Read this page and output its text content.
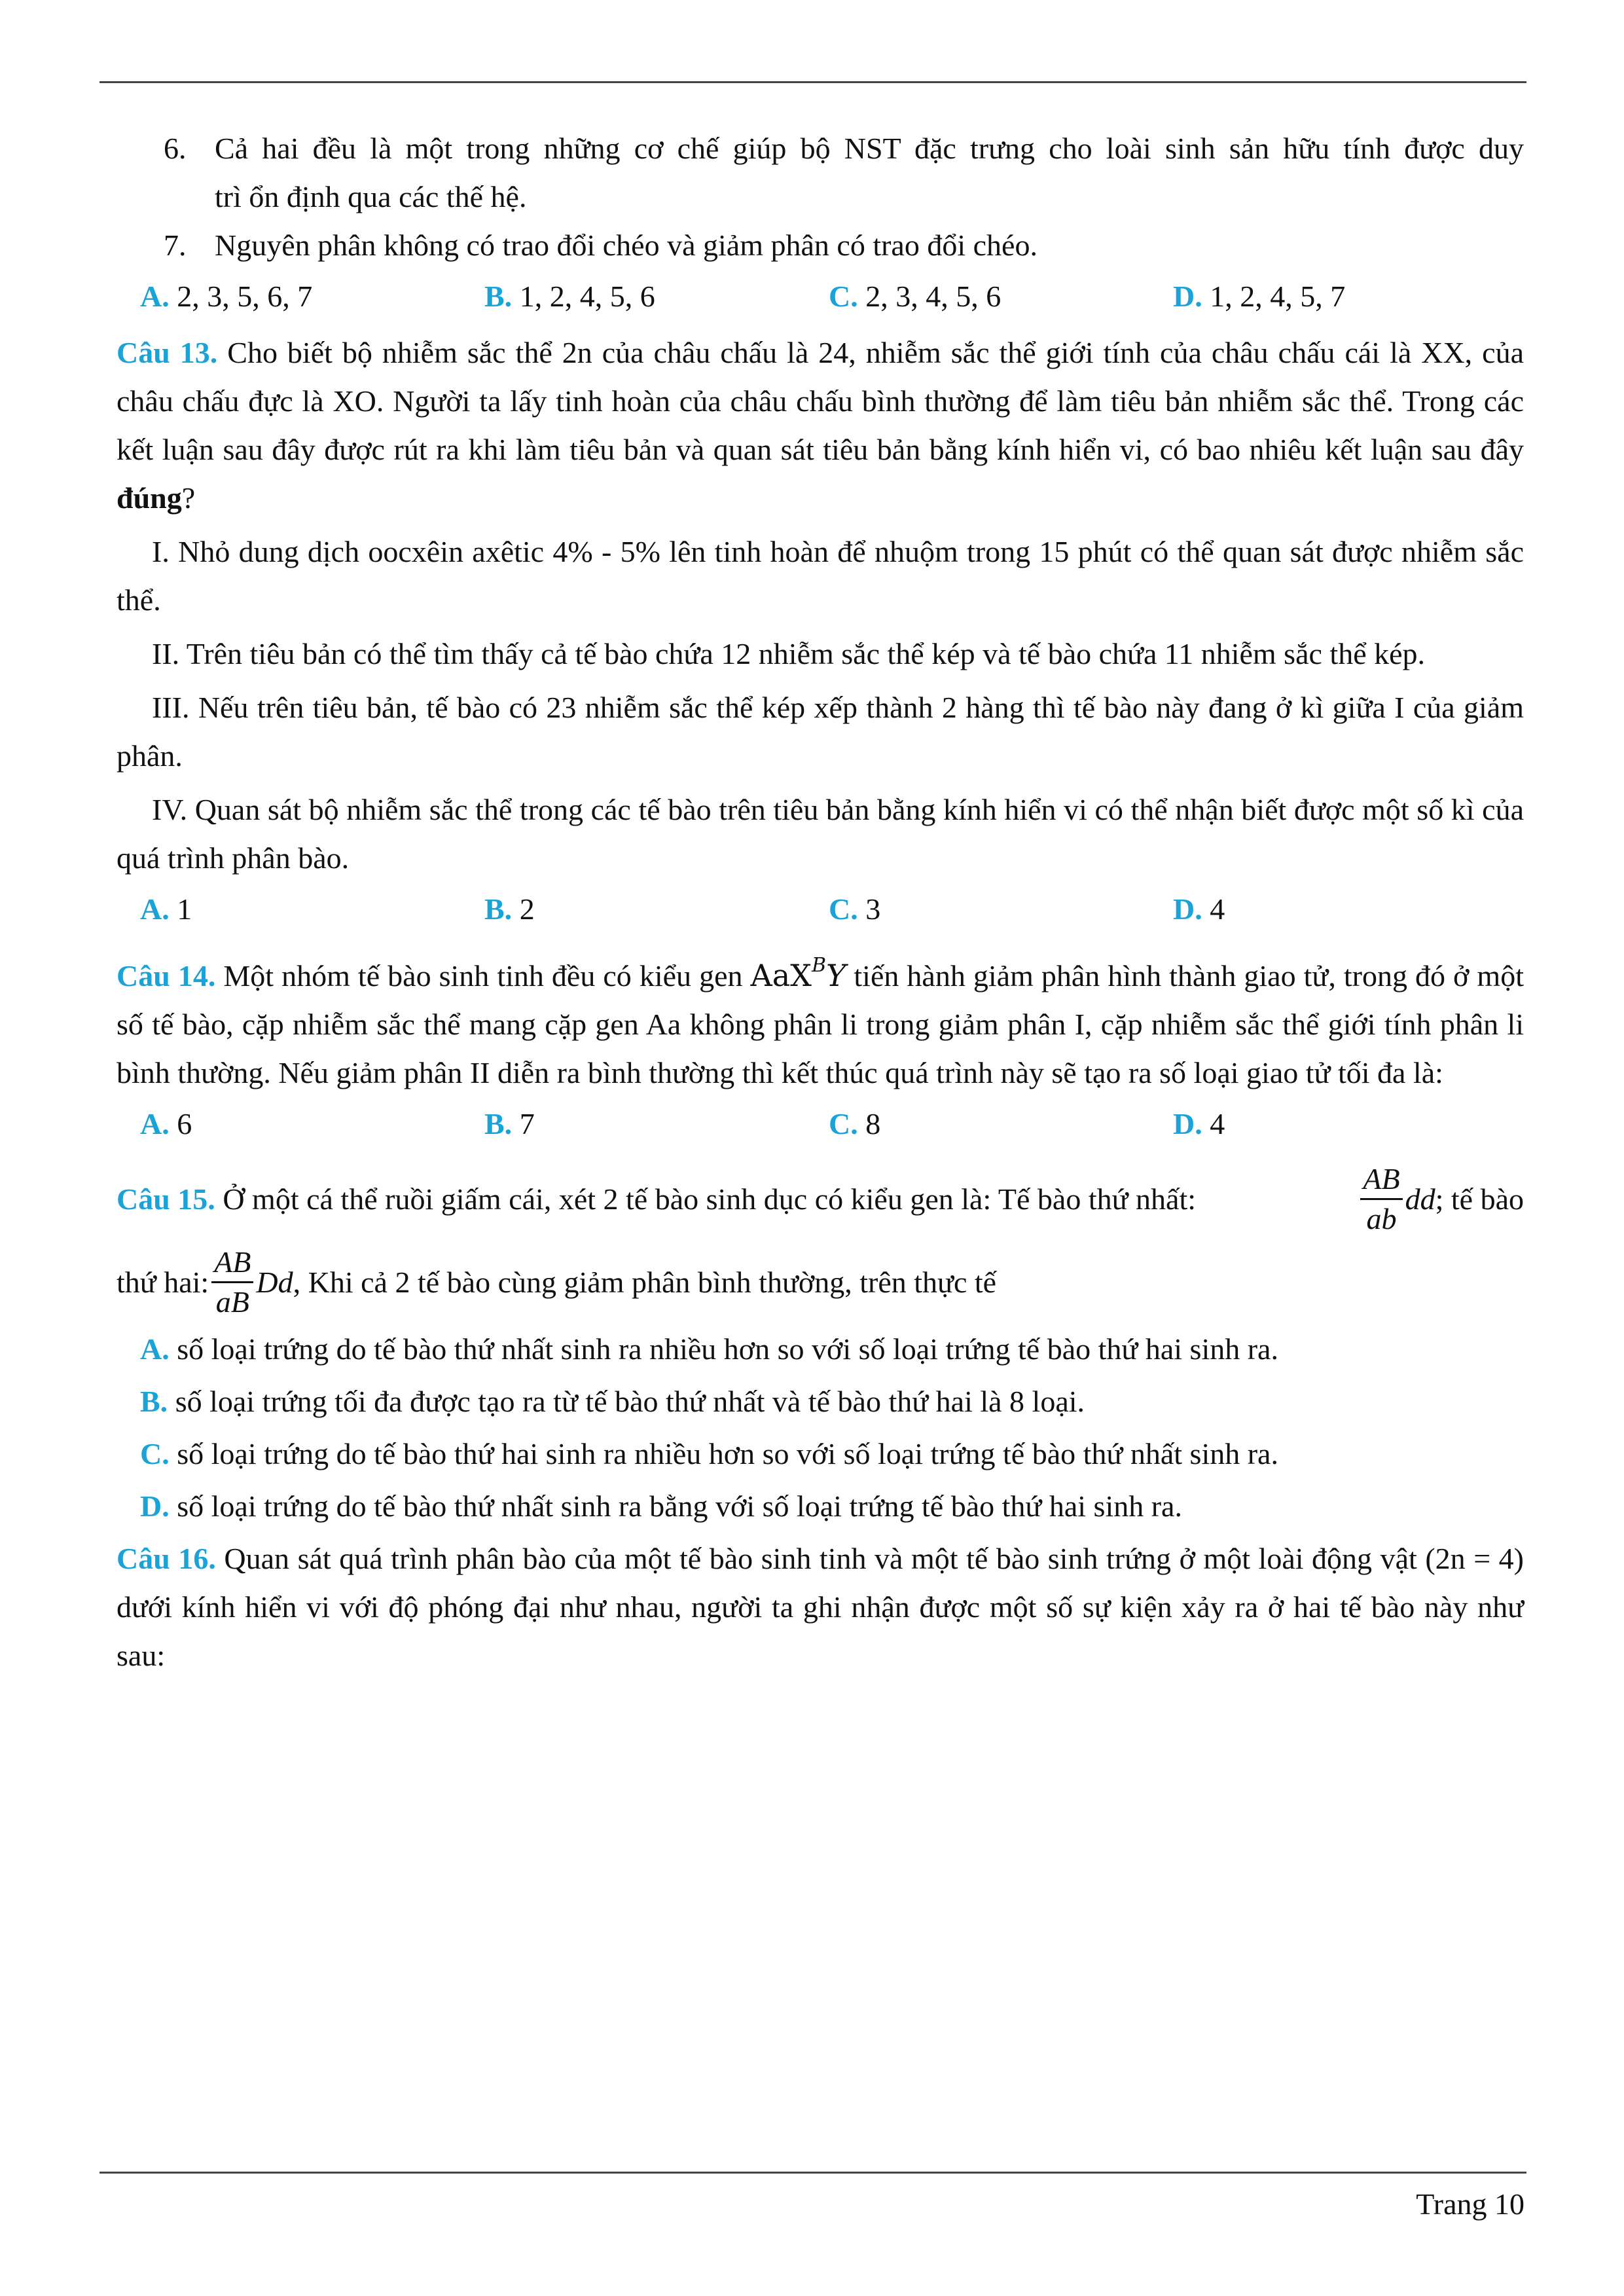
6. Cả hai đều là một trong những cơ chế giúp bộ NST đặc trưng cho loài sinh sản hữu tính được duy
trì ổn định qua các thế hệ.
7. Nguyên phân không có trao đổi chéo và giảm phân có trao đổi chéo.
A. 2, 3, 5, 6, 7	B. 1, 2, 4, 5, 6	C. 2, 3, 4, 5, 6	D. 1, 2, 4, 5, 7

Câu 13. Cho biết bộ nhiễm sắc thể 2n của châu chấu là 24, nhiễm sắc thể giới tính của châu chấu cái là XX, của châu chấu đực là XO. Người ta lấy tinh hoàn của châu chấu bình thường để làm tiêu bản nhiễm sắc thể. Trong các kết luận sau đây được rút ra khi làm tiêu bản và quan sát tiêu bản bằng kính hiển vi, có bao nhiêu kết luận sau đây đúng?

I. Nhỏ dung dịch oocxêin axêtic 4% - 5% lên tinh hoàn để nhuộm trong 15 phút có thể quan sát được nhiễm sắc thể.

II. Trên tiêu bản có thể tìm thấy cả tế bào chứa 12 nhiễm sắc thể kép và tế bào chứa 11 nhiễm sắc thể kép.

III. Nếu trên tiêu bản, tế bào có 23 nhiễm sắc thể kép xếp thành 2 hàng thì tế bào này đang ở kì giữa I của giảm phân.

IV. Quan sát bộ nhiễm sắc thể trong các tế bào trên tiêu bản bằng kính hiển vi có thể nhận biết được một số kì của quá trình phân bào.

A. 1	B. 2	C. 3	D. 4

Câu 14. Một nhóm tế bào sinh tinh đều có kiểu gen AaX$^B$Y tiến hành giảm phân hình thành giao tử, trong đó ở một số tế bào, cặp nhiễm sắc thể mang cặp gen Aa không phân li trong giảm phân I, cặp nhiễm sắc thể giới tính phân li bình thường. Nếu giảm phân II diễn ra bình thường thì kết thúc quá trình này sẽ tạo ra số loại giao tử tối đa là:

A. 6	B. 7	C. 8	D. 4
Câu 15. Ở một cá thể ruồi giấm cái, xét 2 tế bào sinh dục có kiểu gen là: Tế bào thứ nhất:	$\frac{AB}{ab}$ dd ; tế bào
thứ hai: $\frac{AB}{aB}$ Dd , Khi cả 2 tế bào cùng giảm phân bình thường, trên thực tế
A. số loại trứng do tế bào thứ nhất sinh ra nhiều hơn so với số loại trứng tế bào thứ hai sinh ra.
B. số loại trứng tối đa được tạo ra từ tế bào thứ nhất và tế bào thứ hai là 8 loại.
C. số loại trứng do tế bào thứ hai sinh ra nhiều hơn so với số loại trứng tế bào thứ nhất sinh ra.
D. số loại trứng do tế bào thứ nhất sinh ra bằng với số loại trứng tế bào thứ hai sinh ra.

Câu 16. Quan sát quá trình phân bào của một tế bào sinh tinh và một tế bào sinh trứng ở một loài động vật (2n = 4) dưới kính hiển vi với độ phóng đại như nhau, người ta ghi nhận được một số sự kiện xảy ra ở hai tế bào này như sau:

Trang 10
